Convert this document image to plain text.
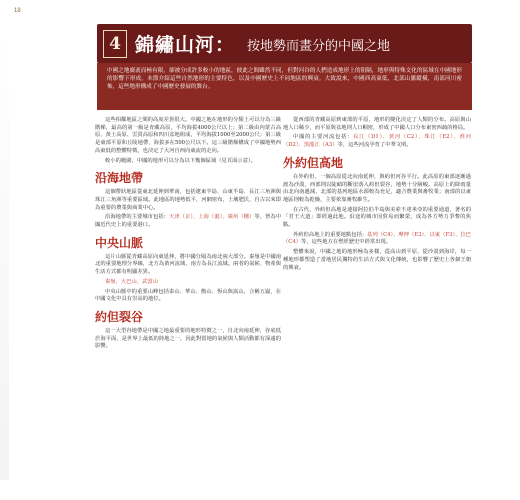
18
4 錦繡山河： 按地勢而畫分的中國之地
中國之地廣袤而極有限，卻被分成許多較小的地區，彼此之間雖然不同，但對河谷的人們造成地形上的阻隔，地形與特殊文化的區域在中國地形的影響下形成。本節介紹這些自然地形的主要特色，以及中國歷史上不同地區的興衰。大致說來，中國西高東低，北部山脈縱橫，南部河川密佈，這些地形構成了中國歷史發展的舞台。

這些相鄰地區之間的高度差異很大。中國之地在地形的分類上可以分為三級階梯，最高的第一級是青藏高原，平均海拔4000公尺以上；第二級由內蒙古高原、黃土高原、雲貴高原和四川盆地組成，平均海拔1000至2000公尺；第三級是東部平原和丘陵地帶，海拔多在500公尺以下。這三級階梯構成了中國地勢西高東低的整體特徵，也決定了大河自西向東流的走向。

較小的範圍，中國的地形可以分為以下幾個區域（見頁面示意）。

沿海地帶

這個帶狀地區從東北延伸到華南，包括遼東半島、山東半島、長江三角洲與珠江三角洲等重要區域。此地區的地勢低平，河網密布，土壤肥沃，自古以來即為重要的農業與商業中心。

沿海地帶的主要城市包括：天津（京）、上海（滬）、廣州（穗）等，皆為中國近代史上的重要港口。

中央山脈

這片山脈從青藏高原向東延伸，將中國分隔為南北兩大部分。秦嶺是中國南北的重要地理分界線，北方為黃河流域，南方為長江流域。兩者的氣候、物產與生活方式都有明顯差異。

秦嶺、大巴山、武當山

中央山脈中的重要山峰包括泰山、華山、衡山、恆山與嵩山，合稱五嶽，在中國文化中具有崇高的地位。

約但裂谷

這一大型谷地帶是中國之地最重要的地形特徵之一，自北向南延伸，谷底低於海平面，是世界上最低的陸地之一，因此對當地的氣候與人類活動都有深遠的影響。

從西部的青藏高原到東部的平原，地形的變化決定了人類的分布。高原與山地人口稀少，而平原與盆地則人口稠密，形成了中國人口分布東密西疏的格局。

中國的主要河流包括：長江（D1）、黃河（C2）、珠江（E2）、淮河（D2）、黑龍江（A3）等，這些河流孕育了中華文明。

外約但高地

在外約但，一個高原從北向南延伸，與約但河谷平行。此高原的東部逐漸過渡為沙漠，西部則以陡峭的斷崖落入約但裂谷，地勢十分險峻。高原上的降雨量由北向南遞減，北部的基列地區水源較為充足，適合農業與畜牧業；南部的以東地區則較為乾燥，主要依靠畜牧維生。

在古代，外約但高地是連接阿拉伯半島與美索不達米亞的重要通道，著名的「君王大道」即經過此地。沿途的城市因貿易而繁榮，成為各方勢力爭奪的焦點。

外約但高地上的重要地點包括：基列（C4）、摩押（E3）、以東（F3）、拉巴（C4）等，這些地方在聖經歷史中經常出現。

整體來說，中國之地的地形極為多樣，從高山到平原，從沙漠到海岸，每一種地形都塑造了當地居民獨特的生活方式與文化傳統，也影響了歷史上各個王朝的興衰。
